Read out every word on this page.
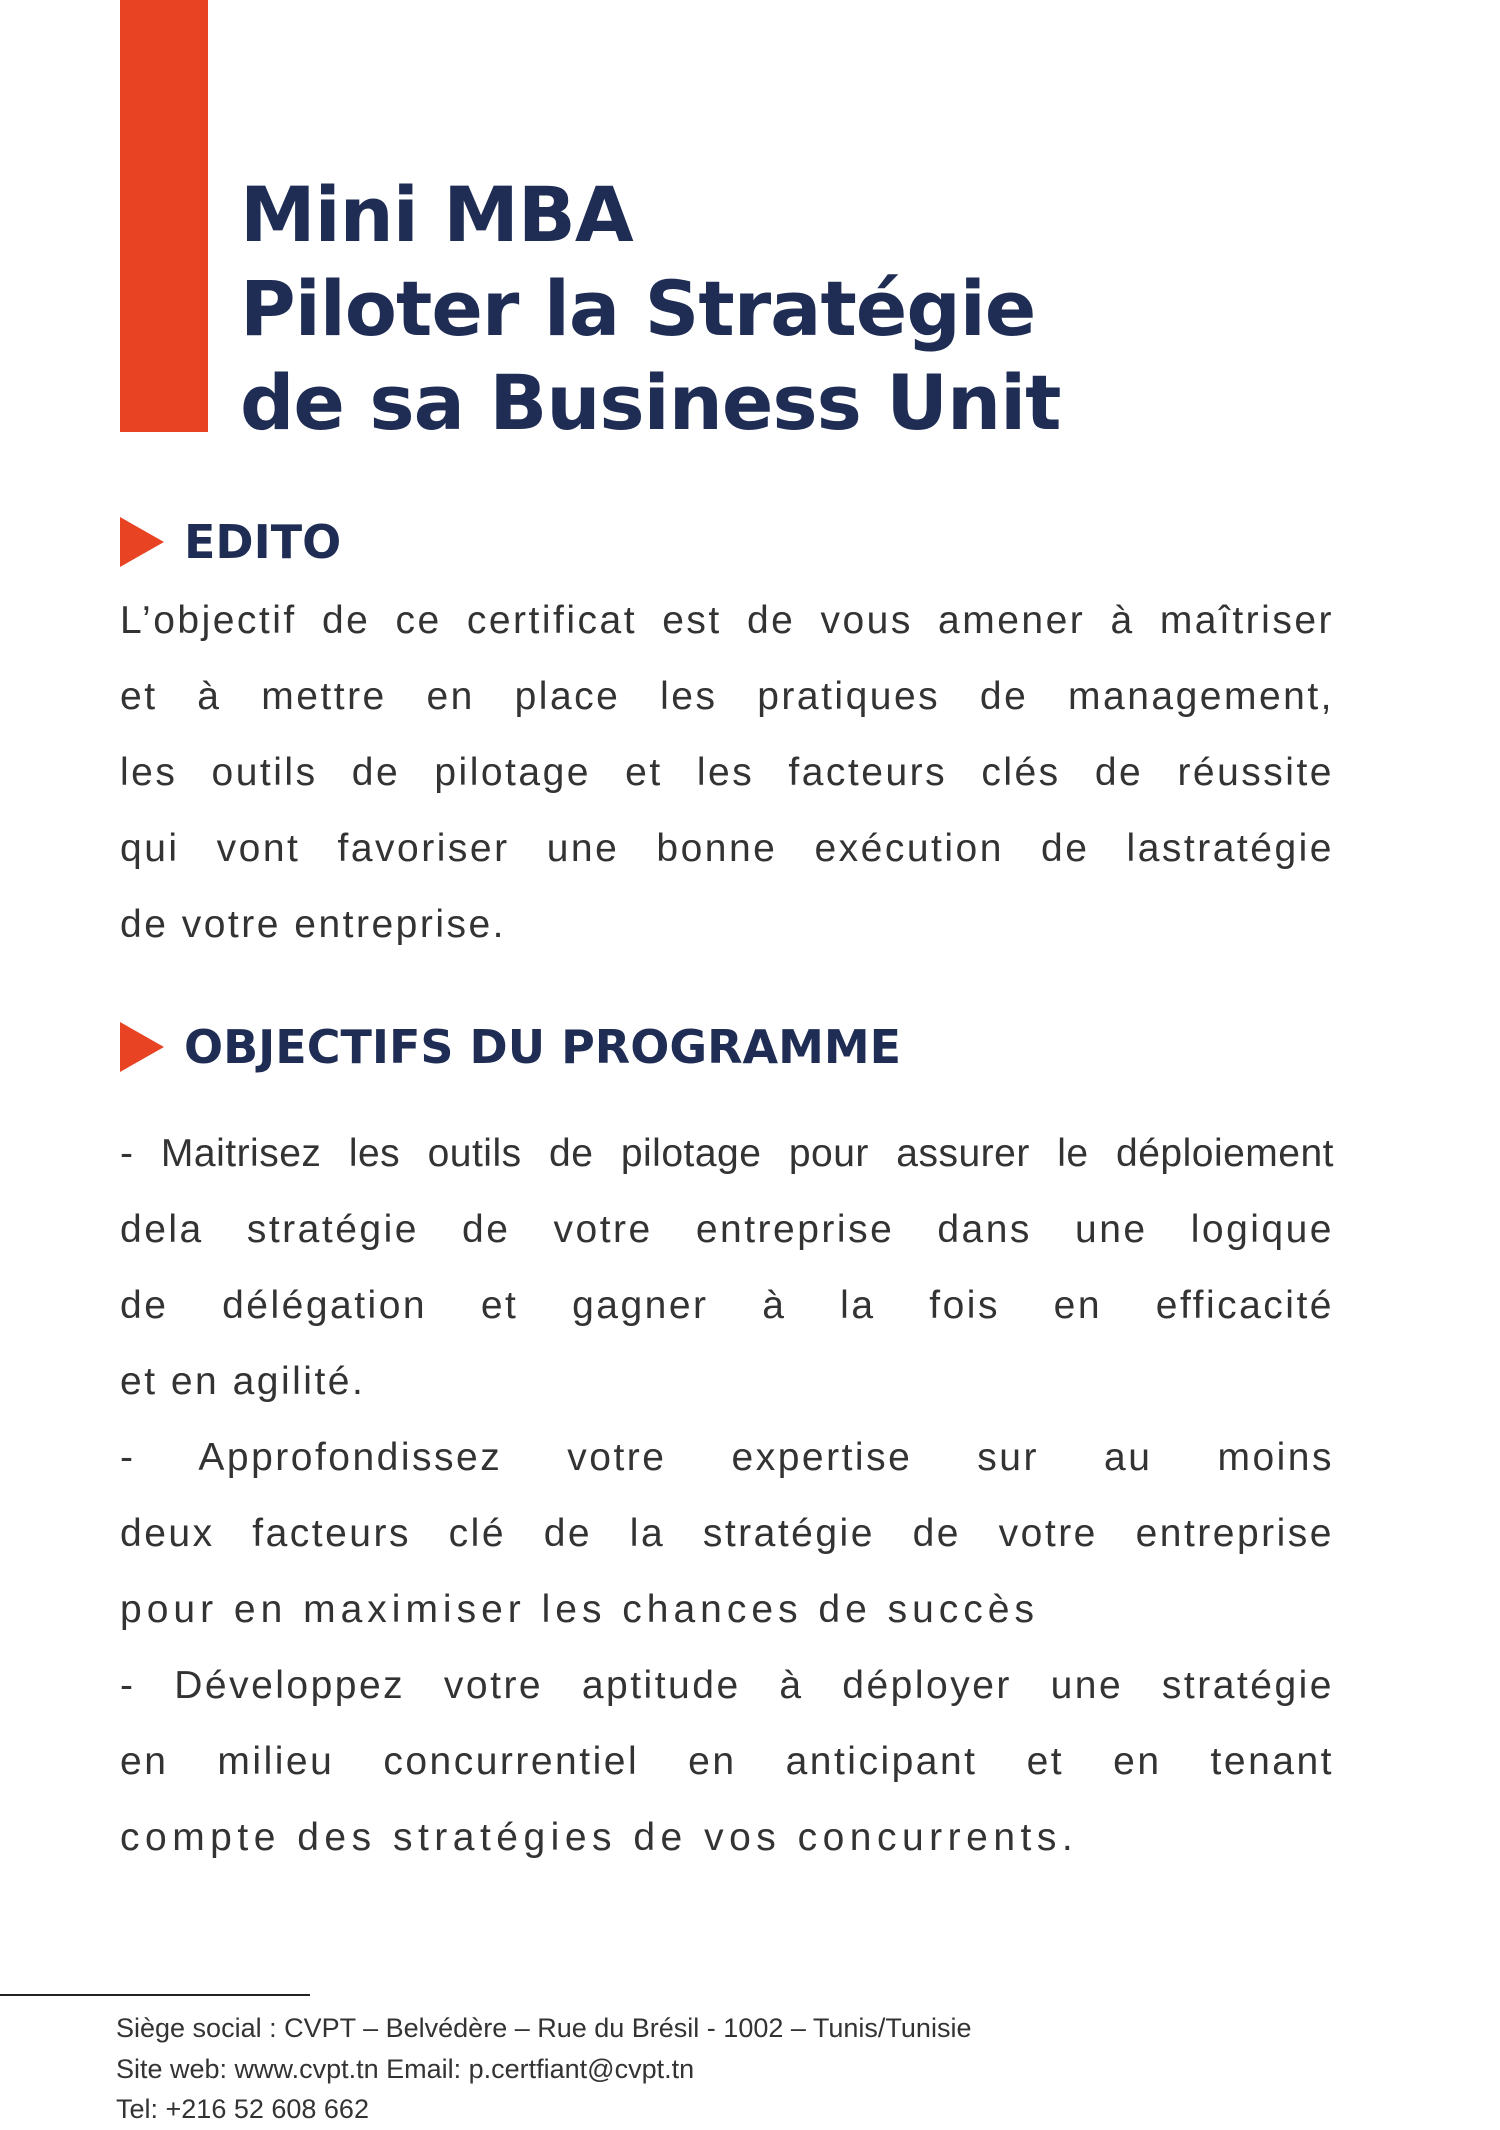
Mini MBA
Piloter la Stratégie
de sa Business Unit
EDITO
L’objectif de ce certificat est de vous amener à maîtriser
et à mettre en place les pratiques de management,
les outils de pilotage et les facteurs clés de réussite
qui vont favoriser une bonne exécution de lastratégie
de votre entreprise.
OBJECTIFS DU PROGRAMME
- Maitrisez les outils de pilotage pour assurer le déploiement
dela stratégie de votre entreprise dans une logique
de délégation et gagner à la fois en efficacité
et en agilité.
- Approfondissez votre expertise sur au moins
deux facteurs clé de la stratégie de votre entreprise
pour en maximiser les chances de succès
- Développez votre aptitude à déployer une stratégie
en milieu concurrentiel en anticipant et en tenant
compte des stratégies de vos concurrents.
Siège social : CVPT – Belvédère – Rue du Brésil - 1002 – Tunis/Tunisie
Site web: www.cvpt.tn Email: p.certfiant@cvpt.tn
Tel: +216 52 608 662
